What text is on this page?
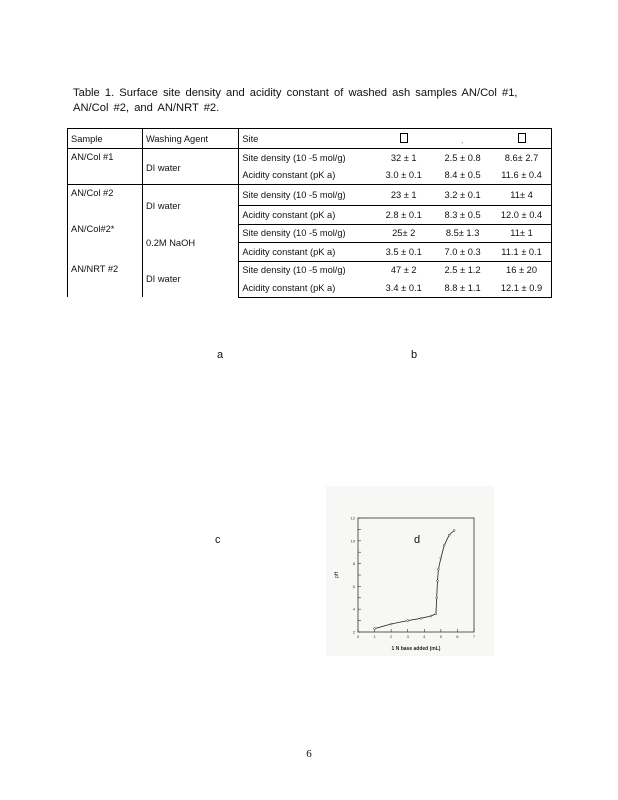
Table 1. Surface site density and acidity constant of washed ash samples AN/Col #1,
AN/Col #2, and AN/NRT #2.
Sample	Washing Agent	Site		ˎ	
AN/Col #1	DI water	Site density (10 -5 mol/g)	32 ± 1	2.5 ± 0.8	8.6± 2.7
		Acidity constant (pK a)	3.0 ± 0.1	8.4 ± 0.5	11.6 ± 0.4
AN/Col #2	DI water	Site density (10 -5 mol/g)	23 ± 1	3.2 ± 0.1	11± 4
		Acidity constant (pK a)	2.8 ± 0.1	8.3 ± 0.5	12.0 ± 0.4
AN/Col#2*	0.2M NaOH	Site density (10 -5 mol/g)	25± 2	8.5± 1.3	11± 1
		Acidity constant (pK a)	3.5 ± 0.1	7.0 ± 0.3	11.1 ± 0.1
AN/NRT #2	DI water	Site density (10 -5 mol/g)	47 ± 2	2.5 ± 1.2	16 ± 20
		Acidity constant (pK a)	3.4 ± 0.1	8.8 ± 1.1	12.1 ± 0.9
a	b
c
2
4
6
8
10
12
0	1	2	3	4	5	6	7
pH
1 N base added (mL)
d
6
